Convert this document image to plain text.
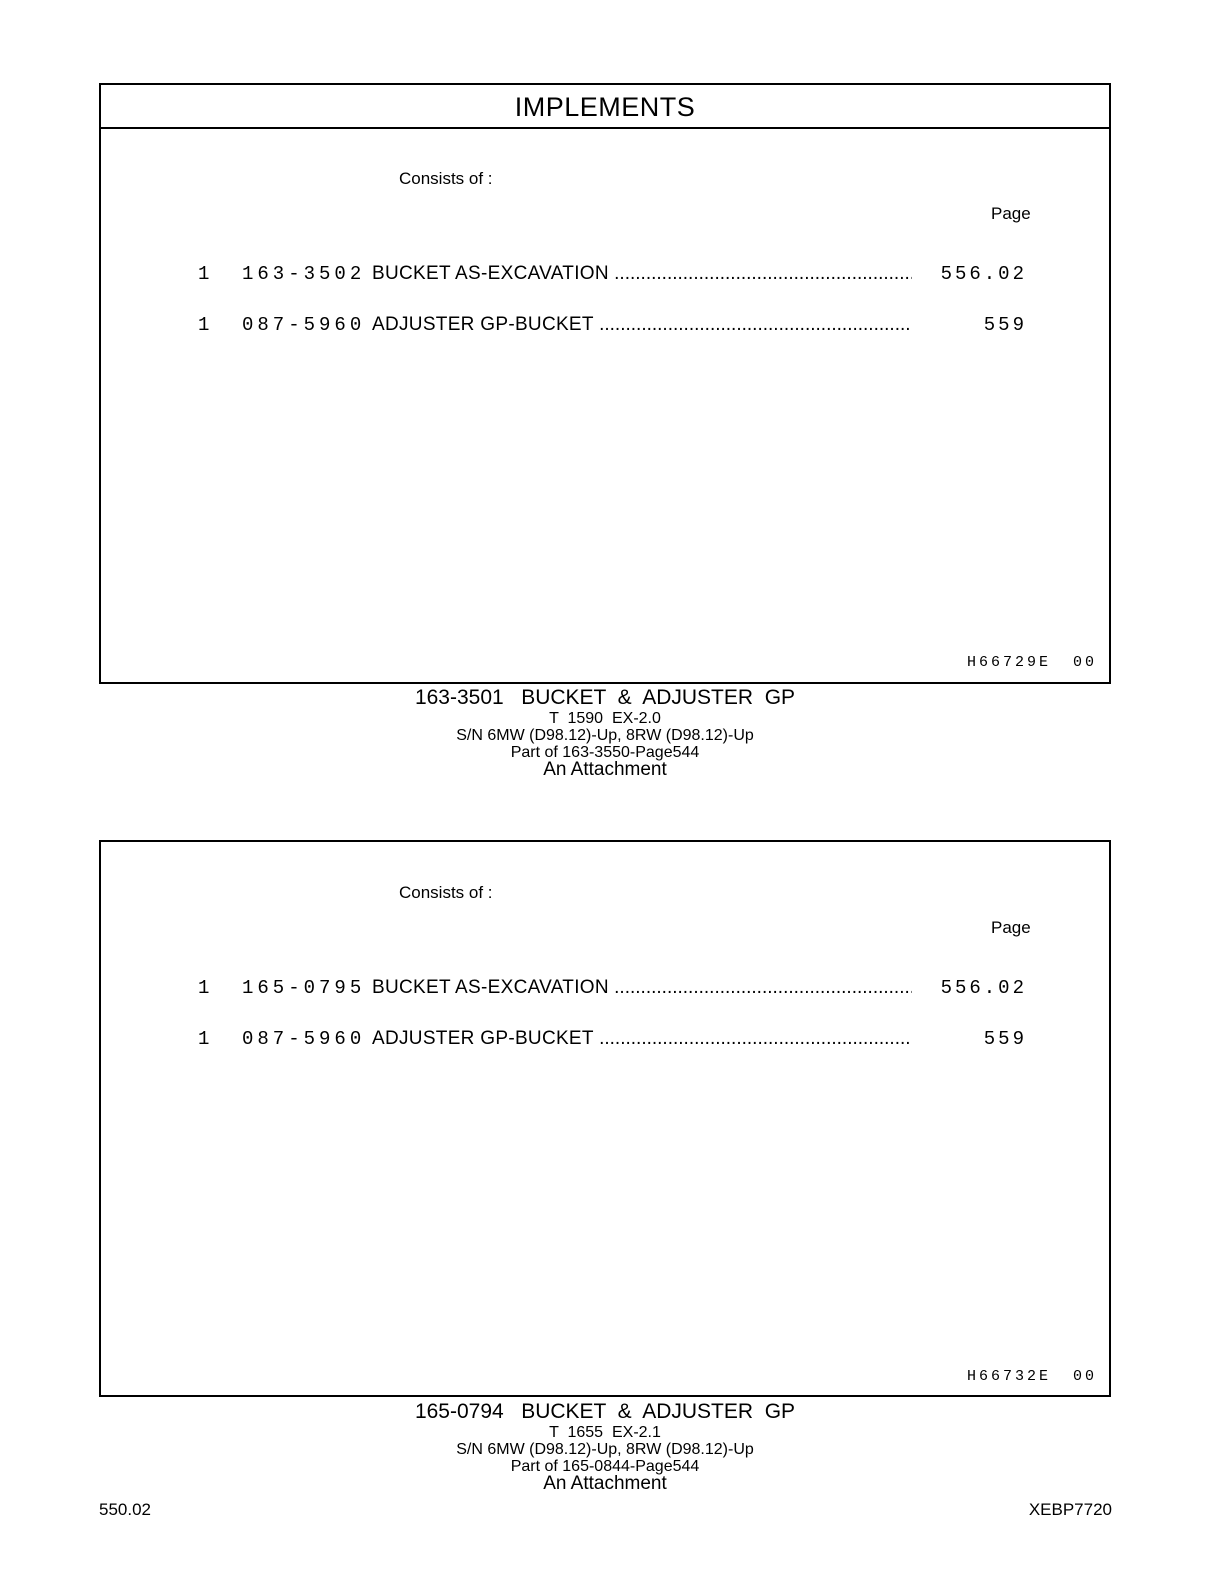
IMPLEMENTS
Consists of :
Page
1 163-3502 BUCKET AS-EXCAVATION .....	556.02
1 087-5960 ADJUSTER GP-BUCKET .....	559
H66729E 00
163-3501   BUCKET  &  ADJUSTER  GP
T  1590  EX-2.0
S/N 6MW (D98.12)-Up, 8RW (D98.12)-Up
Part of 163-3550-Page544
An Attachment
Consists of :
Page
1 165-0795 BUCKET AS-EXCAVATION .....	556.02
1 087-5960 ADJUSTER GP-BUCKET .....	559
H66732E 00
165-0794   BUCKET  &  ADJUSTER  GP
T  1655  EX-2.1
S/N 6MW (D98.12)-Up, 8RW (D98.12)-Up
Part of 165-0844-Page544
An Attachment
550.02	XEBP7720
